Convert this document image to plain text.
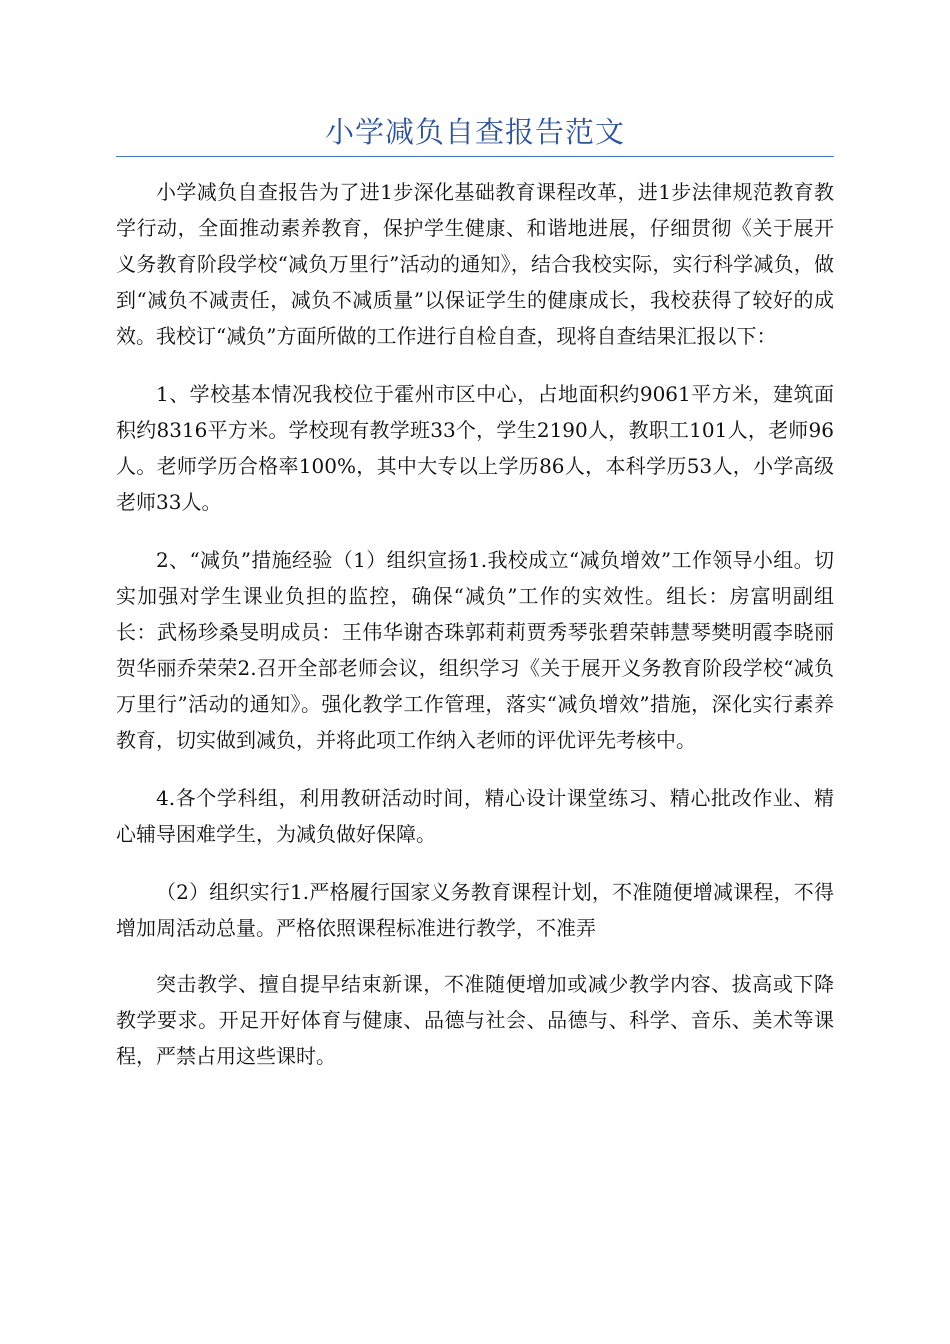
小学减负自查报告范文

小学减负自查报告为了进1步深化基础教育课程改革，进1步法律规范教育教学行动，全面推动素养教育，保护学生健康、和谐地进展，仔细贯彻《关于展开义务教育阶段学校“减负万里行”活动的通知》，结合我校实际，实行科学减负，做到“减负不减责任，减负不减质量”以保证学生的健康成长，我校获得了较好的成效。我校订“减负”方面所做的工作进行自检自查，现将自查结果汇报以下：

1、学校基本情况我校位于霍州市区中心，占地面积约9061平方米，建筑面积约8316平方米。学校现有教学班33个，学生2190人，教职工101人，老师96人。老师学历合格率100%，其中大专以上学历86人，本科学历53人，小学高级老师33人。

2、“减负”措施经验（1）组织宣扬1.我校成立“减负增效”工作领导小组。切实加强对学生课业负担的监控，确保“减负”工作的实效性。组长：房富明副组长：武杨珍桑旻明成员：王伟华谢杏珠郭莉莉贾秀琴张碧荣韩慧琴樊明霞李晓丽贺华丽乔荣荣2.召开全部老师会议，组织学习《关于展开义务教育阶段学校“减负万里行”活动的通知》。强化教学工作管理，落实“减负增效”措施，深化实行素养教育，切实做到减负，并将此项工作纳入老师的评优评先考核中。

4.各个学科组，利用教研活动时间，精心设计课堂练习、精心批改作业、精心辅导困难学生，为减负做好保障。

（2）组织实行1.严格履行国家义务教育课程计划，不准随便增减课程，不得增加周活动总量。严格依照课程标准进行教学，不准弄

突击教学、擅自提早结束新课，不准随便增加或减少教学内容、拔高或下降教学要求。开足开好体育与健康、品德与社会、品德与、科学、音乐、美术等课程，严禁占用这些课时。
